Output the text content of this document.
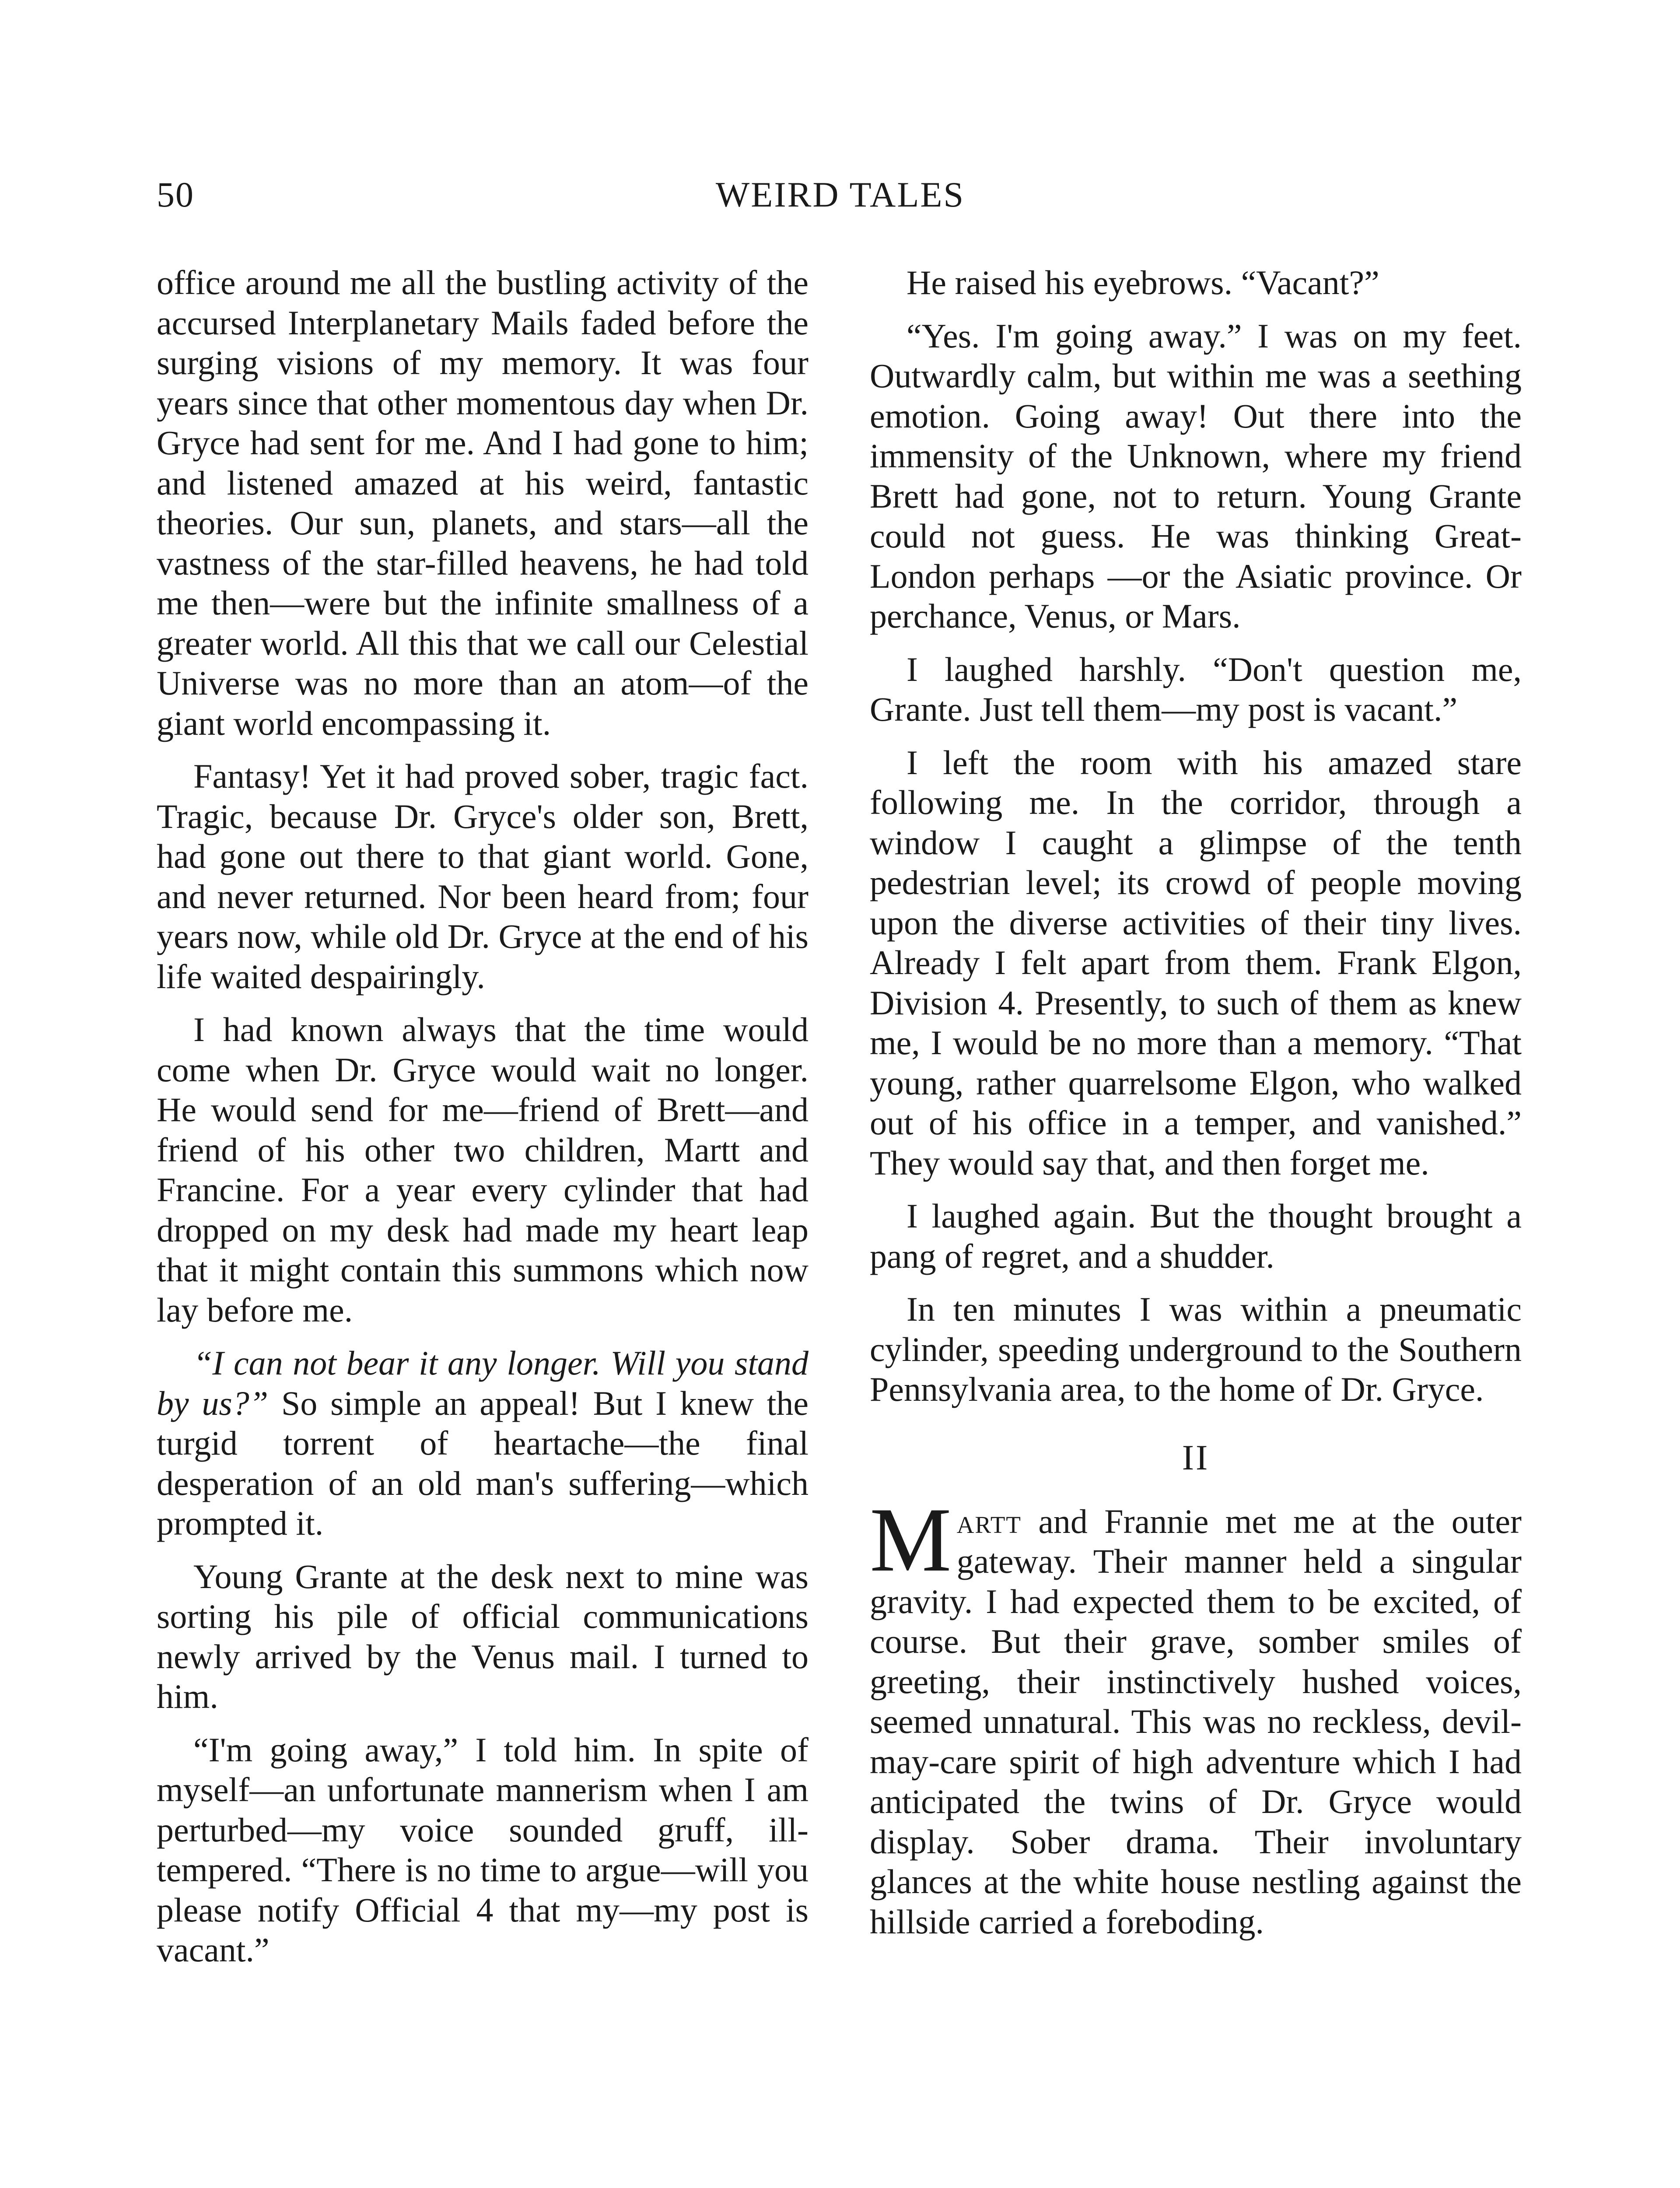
50	WEIRD TALES

office around me all the bustling activity of the accursed Interplanetary Mails faded before the surging visions of my memory. It was four years since that other momentous day when Dr. Gryce had sent for me. And I had gone to him; and listened amazed at his weird, fantastic theories. Our sun, planets, and stars—all the vastness of the star-filled heavens, he had told me then—were but the infinite smallness of a greater world. All this that we call our Celestial Universe was no more than an atom—of the giant world encompassing it.

Fantasy! Yet it had proved sober, tragic fact. Tragic, because Dr. Gryce's older son, Brett, had gone out there to that giant world. Gone, and never returned. Nor been heard from; four years now, while old Dr. Gryce at the end of his life waited despairingly.

I had known always that the time would come when Dr. Gryce would wait no longer. He would send for me—friend of Brett—and friend of his other two children, Martt and Francine. For a year every cylinder that had dropped on my desk had made my heart leap that it might contain this summons which now lay before me.

“I can not bear it any longer. Will you stand by us?” So simple an appeal! But I knew the turgid torrent of heartache—the final desperation of an old man's suffering—which prompted it.

Young Grante at the desk next to mine was sorting his pile of official communications newly arrived by the Venus mail. I turned to him.

“I'm going away,” I told him. In spite of myself—an unfortunate mannerism when I am perturbed—my voice sounded gruff, ill-tempered. “There is no time to argue—will you please notify Official 4 that my—my post is vacant.”

He raised his eyebrows. “Vacant?”

“Yes. I'm going away.” I was on my feet. Outwardly calm, but within me was a seething emotion. Going away! Out there into the immensity of the Unknown, where my friend Brett had gone, not to return. Young Grante could not guess. He was thinking Great-London perhaps —or the Asiatic province. Or perchance, Venus, or Mars.

I laughed harshly. “Don't question me, Grante. Just tell them—my post is vacant.”

I left the room with his amazed stare following me. In the corridor, through a window I caught a glimpse of the tenth pedestrian level; its crowd of people moving upon the diverse activities of their tiny lives. Already I felt apart from them. Frank Elgon, Division 4. Presently, to such of them as knew me, I would be no more than a memory. “That young, rather quarrelsome Elgon, who walked out of his office in a temper, and vanished.” They would say that, and then forget me.

I laughed again. But the thought brought a pang of regret, and a shudder.

In ten minutes I was within a pneumatic cylinder, speeding underground to the Southern Pennsylvania area, to the home of Dr. Gryce.

II

Martt and Frannie met me at the outer gateway. Their manner held a singular gravity. I had expected them to be excited, of course. But their grave, somber smiles of greeting, their instinctively hushed voices, seemed unnatural. This was no reckless, devil-may-care spirit of high adventure which I had anticipated the twins of Dr. Gryce would display. Sober drama. Their involuntary glances at the white house nestling against the hillside carried a foreboding.
